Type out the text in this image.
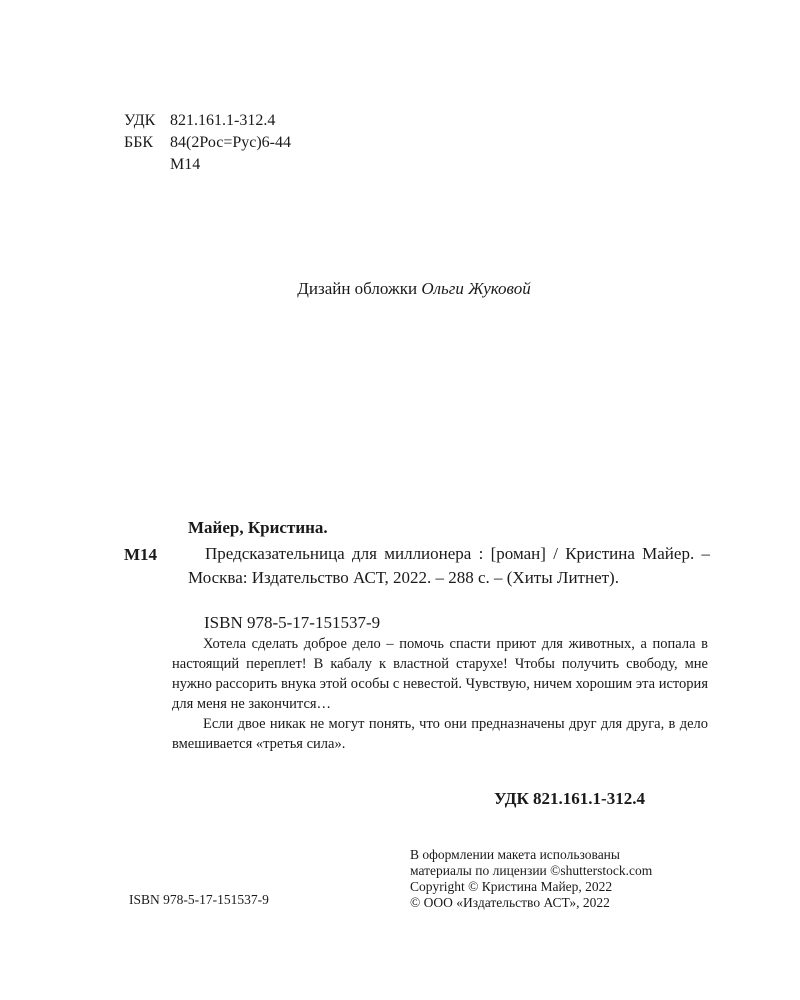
УДК 821.161.1-312.4
ББК	84(2Рос=Рус)6-44
М14
Дизайн обложки Ольги Жуковой
Майер, Кристина.
М14	Предсказательница для миллионера : [роман] / Кристина Майер. – Москва: Издательство АСТ, 2022. – 288 с. – (Хиты Литнет).

ISBN 978-5-17-151537-9

Хотела сделать доброе дело – помочь спасти приют для животных, а попала в настоящий переплет! В кабалу к властной старухе! Чтобы получить свободу, мне нужно рассорить внука этой особы с невестой. Чувствую, ничем хорошим эта история для меня не закончится…

Если двое никак не могут понять, что они предназначены друг для друга, в дело вмешивается «третья сила».

УДК 821.161.1-312.4
В оформлении макета использованы
материалы по лицензии ©shutterstock.com
Copyright © Кристина Майер, 2022
© ООО «Издательство АСТ», 2022
ISBN 978-5-17-151537-9
